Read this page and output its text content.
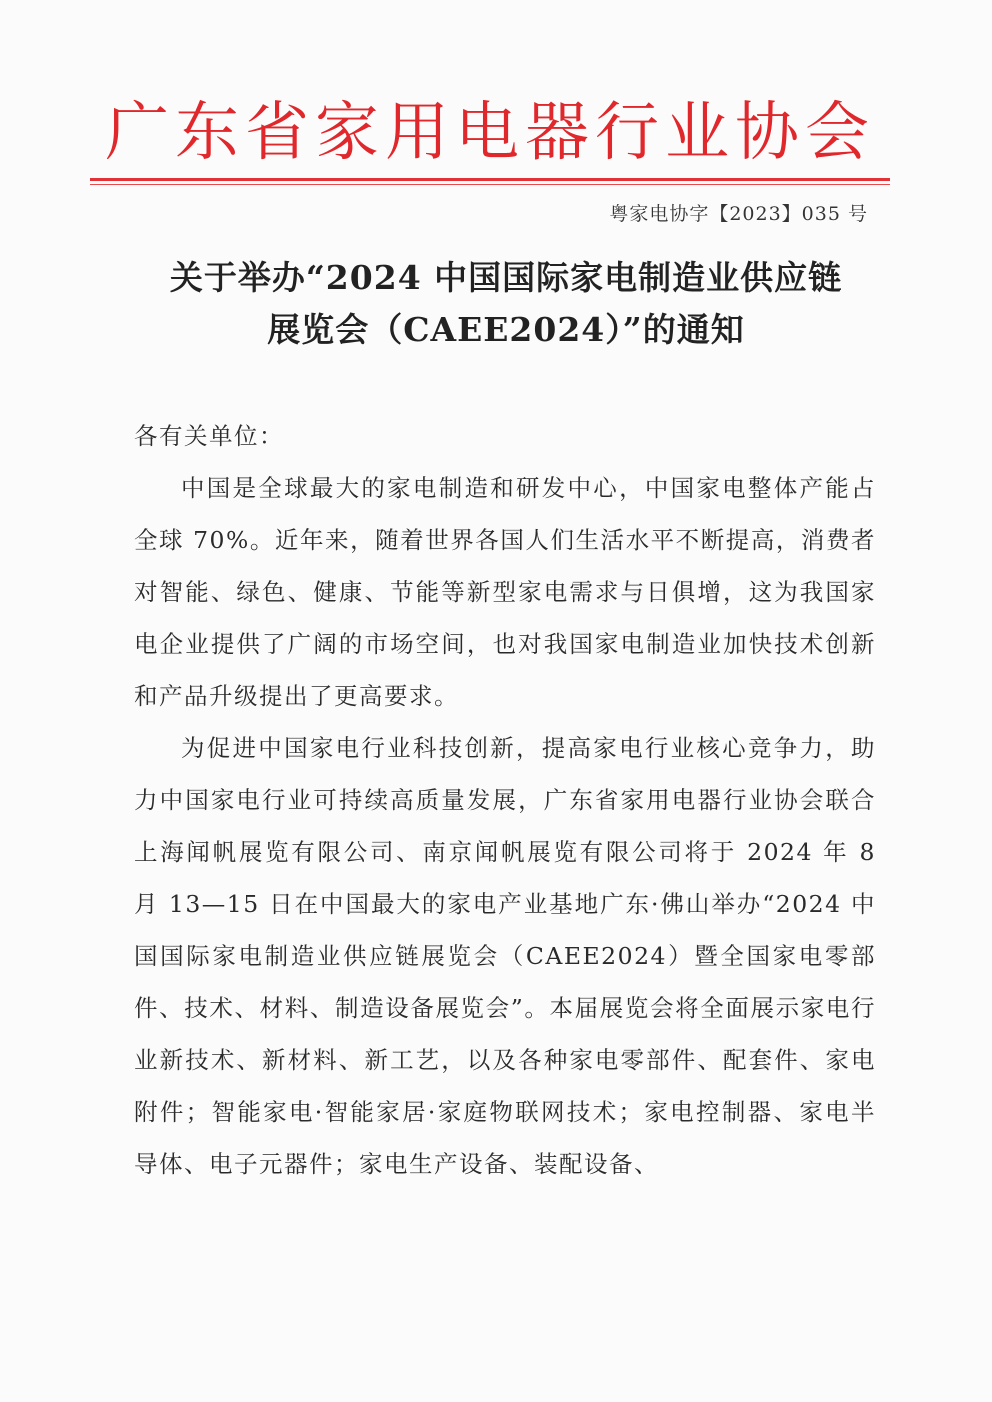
广东省家用电器行业协会
粤家电协字【2023】035 号
关于举办“2024 中国国际家电制造业供应链
展览会（CAEE2024）”的通知

各有关单位：

中国是全球最大的家电制造和研发中心，中国家电整体产能占全球 70%。近年来，随着世界各国人们生活水平不断提高，消费者对智能、绿色、健康、节能等新型家电需求与日俱增，这为我国家电企业提供了广阔的市场空间，也对我国家电制造业加快技术创新和产品升级提出了更高要求。

为促进中国家电行业科技创新，提高家电行业核心竞争力，助力中国家电行业可持续高质量发展，广东省家用电器行业协会联合上海闻帆展览有限公司、南京闻帆展览有限公司将于 2024 年 8 月 13—15 日在中国最大的家电产业基地广东·佛山举办“2024 中国国际家电制造业供应链展览会（CAEE2024）暨全国家电零部件、技术、材料、制造设备展览会”。本届展览会将全面展示家电行业新技术、新材料、新工艺，以及各种家电零部件、配套件、家电附件；智能家电·智能家居·家庭物联网技术；家电控制器、家电半导体、电子元器件；家电生产设备、装配设备、
